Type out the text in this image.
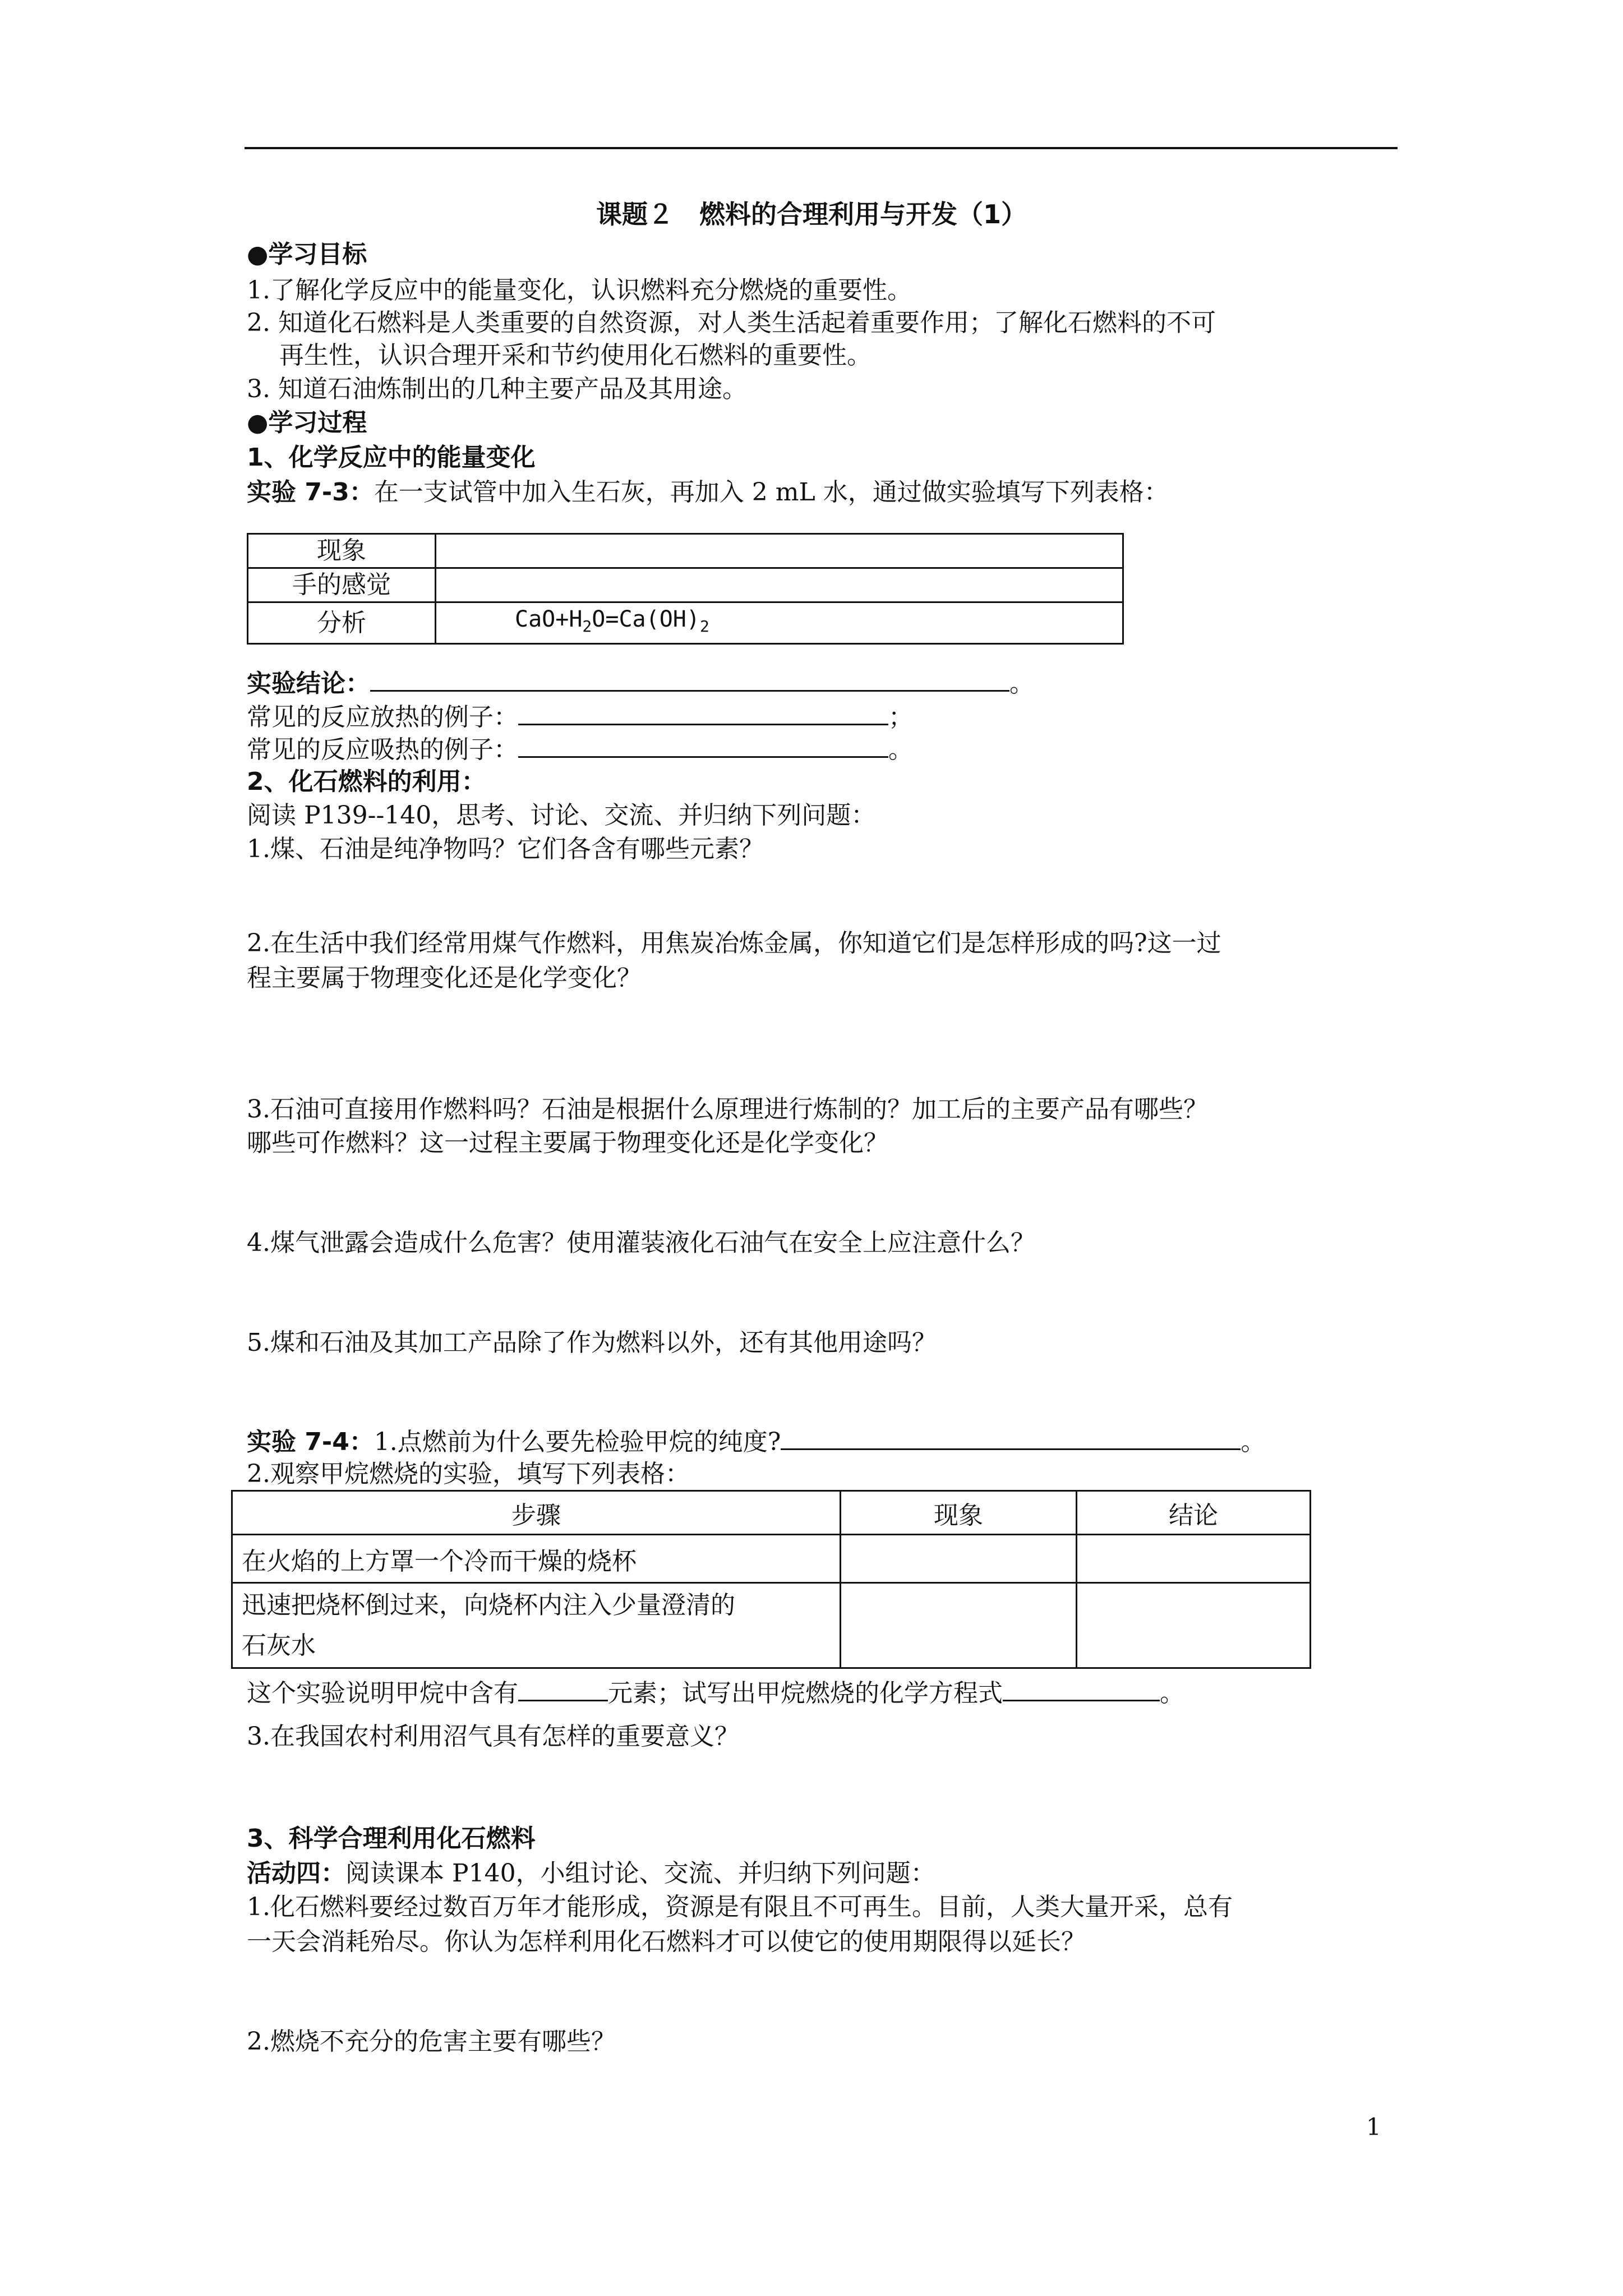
课题２　燃料的合理利用与开发（1）
●学习目标
1.了解化学反应中的能量变化，认识燃料充分燃烧的重要性。
2. 知道化石燃料是人类重要的自然资源，对人类生活起着重要作用；了解化石燃料的不可
再生性，认识合理开采和节约使用化石燃料的重要性。
3. 知道石油炼制出的几种主要产品及其用途。
●学习过程
1、化学反应中的能量变化
实验 7-3：在一支试管中加入生石灰，再加入 2 mL 水，通过做实验填写下列表格：
现象	
手的感觉	
分析	$CaO+H_2O=Ca(OH)_2$
实验结论：	。
常见的反应放热的例子：	；
常见的反应吸热的例子：	。
2、化石燃料的利用：
阅读 P139--140，思考、讨论、交流、并归纳下列问题：
1.煤、石油是纯净物吗？它们各含有哪些元素？
2.在生活中我们经常用煤气作燃料，用焦炭冶炼金属，你知道它们是怎样形成的吗?这一过
程主要属于物理变化还是化学变化？
3.石油可直接用作燃料吗？石油是根据什么原理进行炼制的？加工后的主要产品有哪些？
哪些可作燃料？这一过程主要属于物理变化还是化学变化？
4.煤气泄露会造成什么危害？使用灌装液化石油气在安全上应注意什么？
5.煤和石油及其加工产品除了作为燃料以外，还有其他用途吗？
实验 7-4：1.点燃前为什么要先检验甲烷的纯度?	。
2.观察甲烷燃烧的实验，填写下列表格：
步骤	现象	结论
在火焰的上方罩一个冷而干燥的烧杯		
迅速把烧杯倒过来，向烧杯内注入少量澄清的
石灰水		
这个实验说明甲烷中含有	元素；试写出甲烷燃烧的化学方程式	。
3.在我国农村利用沼气具有怎样的重要意义？
3、科学合理利用化石燃料
活动四：阅读课本 P140，小组讨论、交流、并归纳下列问题：
1.化石燃料要经过数百万年才能形成，资源是有限且不可再生。目前，人类大量开采，总有
一天会消耗殆尽。你认为怎样利用化石燃料才可以使它的使用期限得以延长？
2.燃烧不充分的危害主要有哪些？
1
